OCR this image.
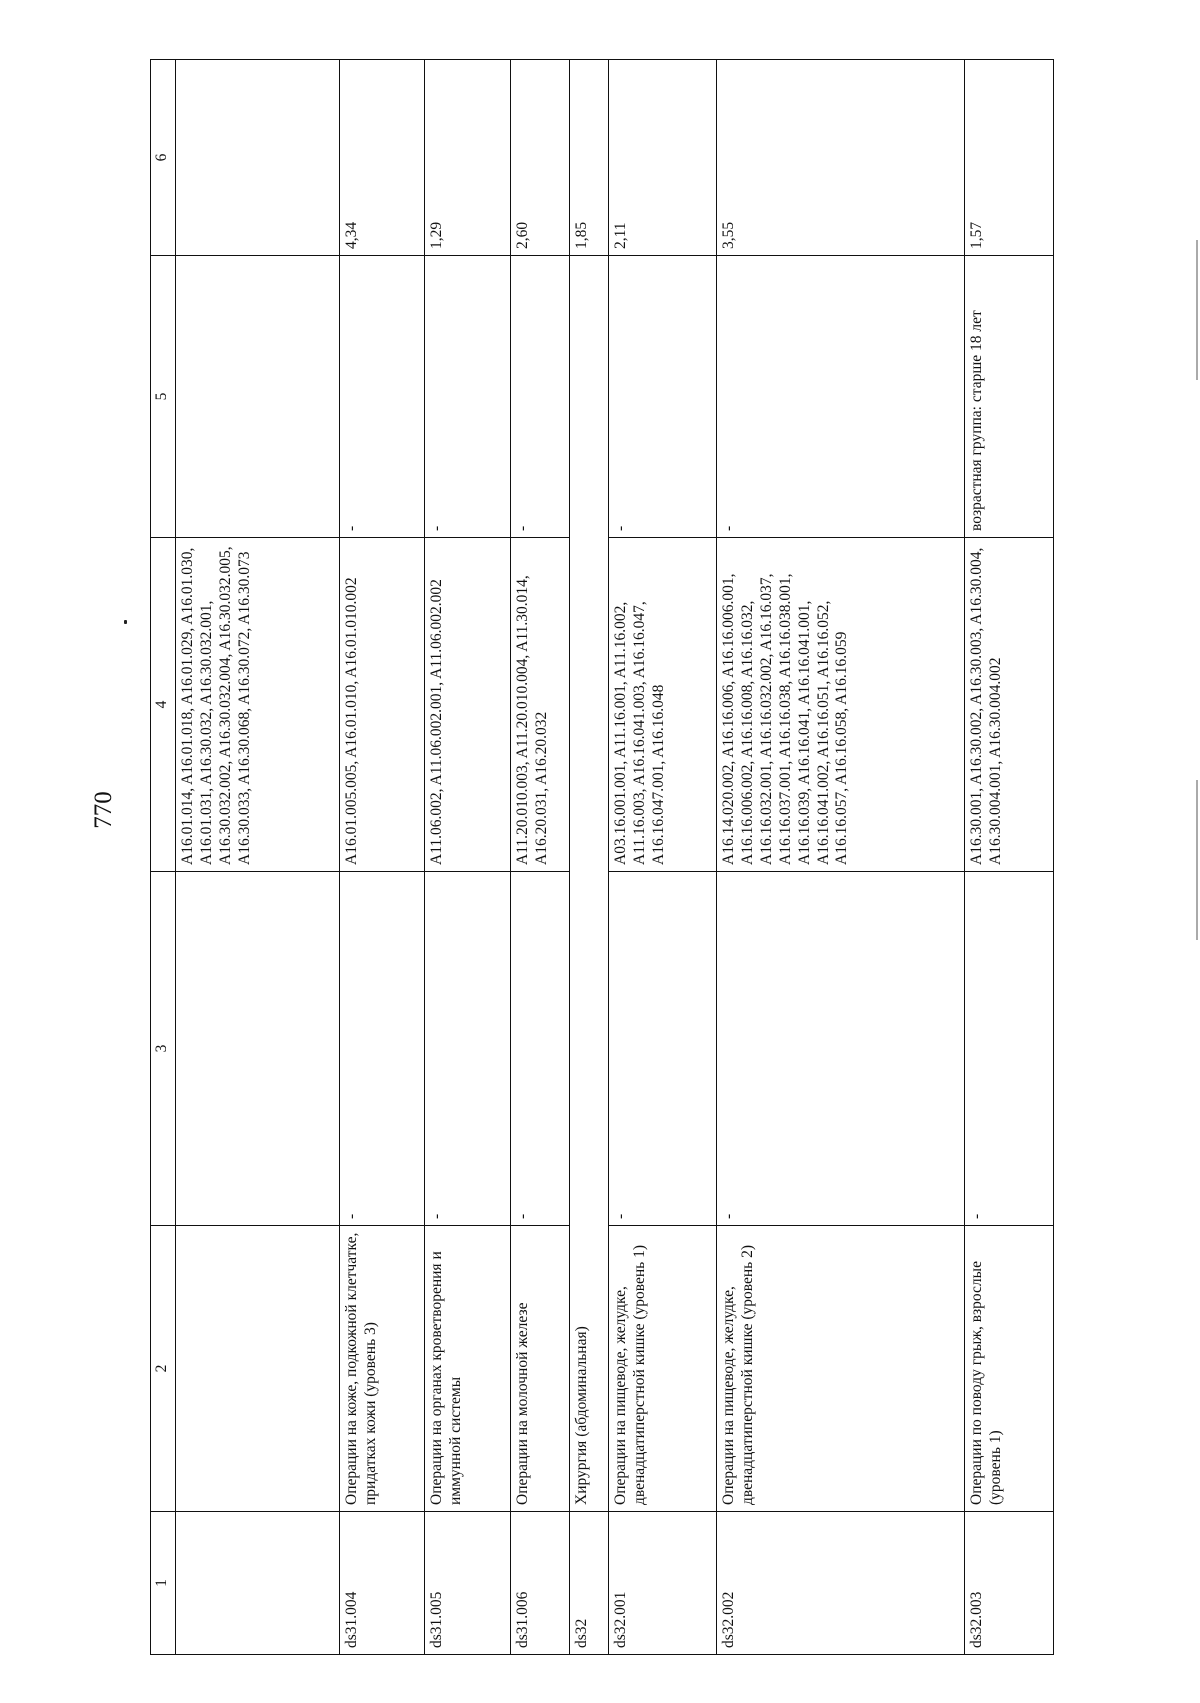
770
1	2	3	4	5	6
			A16.01.014, A16.01.018, A16.01.029, A16.01.030, A16.01.031, A16.30.032, A16.30.032.001, A16.30.032.002, A16.30.032.004, A16.30.032.005, A16.30.033, A16.30.068, A16.30.072, A16.30.073		
ds31.004	Операции на коже, подкожной клетчатке, придатках кожи (уровень 3)	-	A16.01.005.005, A16.01.010, A16.01.010.002	-	4,34
ds31.005	Операции на органах кроветворения и иммунной системы	-	A11.06.002, A11.06.002.001, A11.06.002.002	-	1,29
ds31.006	Операции на молочной железе	-	A11.20.010.003, A11.20.010.004, A11.30.014, A16.20.031, A16.20.032	-	2,60
ds32	Хирургия (абдоминальная)				1,85
ds32.001	Операции на пищеводе, желудке, двенадцатиперстной кишке (уровень 1)	-	A03.16.001.001, A11.16.001, A11.16.002, A11.16.003, A16.16.041.003, A16.16.047, A16.16.047.001, A16.16.048	-	2,11
ds32.002	Операции на пищеводе, желудке, двенадцатиперстной кишке (уровень 2)	-	A16.14.020.002, A16.16.006, A16.16.006.001, A16.16.006.002, A16.16.008, A16.16.032, A16.16.032.001, A16.16.032.002, A16.16.037, A16.16.037.001, A16.16.038, A16.16.038.001, A16.16.039, A16.16.041, A16.16.041.001, A16.16.041.002, A16.16.051, A16.16.052, A16.16.057, A16.16.058, A16.16.059	-	3,55
ds32.003	Операции по поводу грыж, взрослые (уровень 1)	-	A16.30.001, A16.30.002, A16.30.003, A16.30.004, A16.30.004.001, A16.30.004.002	возрастная группа: старше 18 лет	1,57
